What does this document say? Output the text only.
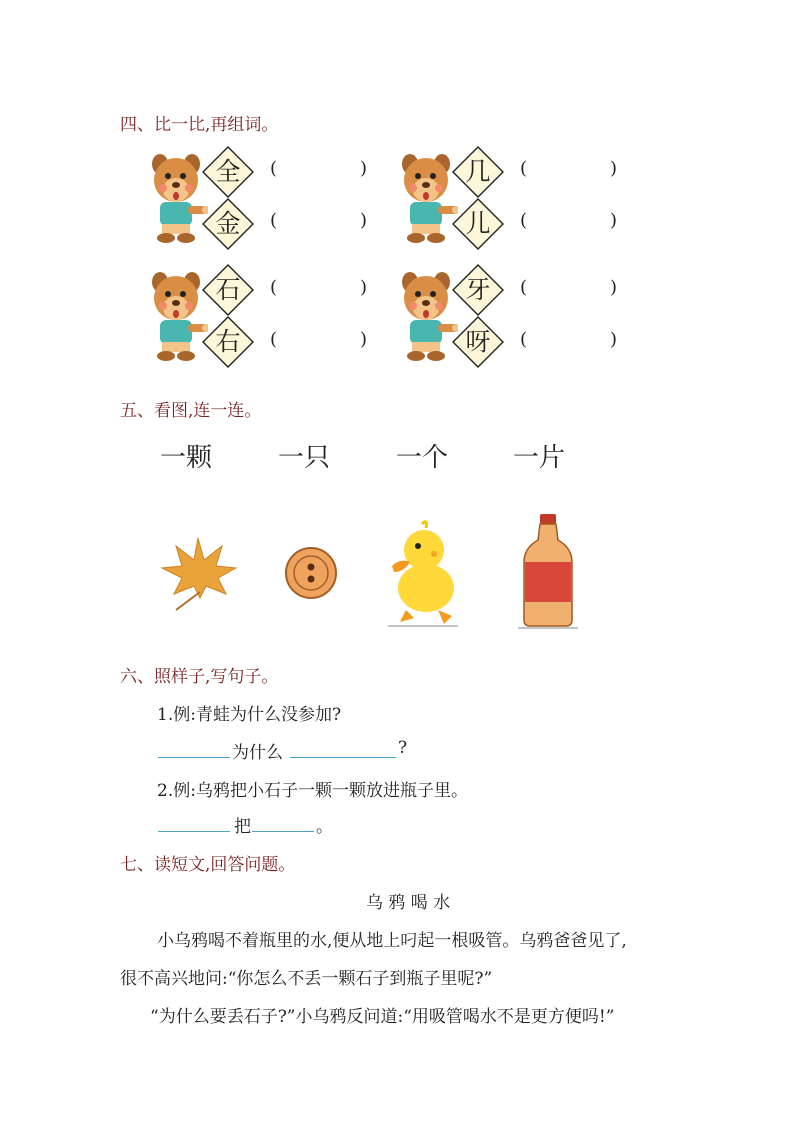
四、比一比,再组词。
全
金
(	)
(	)
几
儿
(	)
(	)
石
右
(	)
(	)
牙
呀
(	)
(	)
五、看图,连一连。
一颗	一只	一个 一片
六、照样子,写句子。
1.例:青蛙为什么没参加?
为什么	?
2.例:乌鸦把小石子一颗一颗放进瓶子里。
把	。
七、读短文,回答问题。
乌 鸦 喝 水
小乌鸦喝不着瓶里的水,便从地上叼起一根吸管。乌鸦爸爸见了,
很不高兴地问:“你怎么不丢一颗石子到瓶子里呢?”
“为什么要丢石子?”小乌鸦反问道:“用吸管喝水不是更方便吗!”
